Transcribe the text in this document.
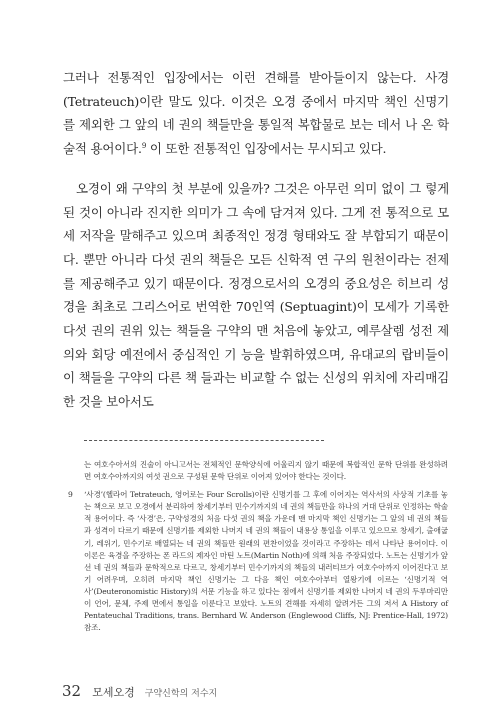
그러나 전통적인 입장에서는 이런 견해를 받아들이지 않는다. 사경 (Tetrateuch)이란 말도 있다. 이것은 오경 중에서 마지막 책인 신명기 를 제외한 그 앞의 네 권의 책들만을 통일적 복합물로 보는 데서 나 온 학술적 용어이다.$^9$ 이 또한 전통적인 입장에서는 무시되고 있다.

오경이 왜 구약의 첫 부분에 있을까? 그것은 아무런 의미 없이 그 렇게 된 것이 아니라 진지한 의미가 그 속에 담겨져 있다. 그게 전 통적으로 모세 저작을 말해주고 있으며 최종적인 정경 형태와도 잘 부합되기 때문이다. 뿐만 아니라 다섯 권의 책들은 모든 신학적 연 구의 원천이라는 전제를 제공해주고 있기 때문이다. 정경으로서의 오경의 중요성은 히브리 성경을 최초로 그리스어로 번역한 70인역 (Septuagint)이 모세가 기록한 다섯 권의 권위 있는 책들을 구약의 맨 처음에 놓았고, 예루살렘 성전 제의와 회당 예전에서 중심적인 기 능을 발휘하였으며, 유대교의 랍비들이 이 책들을 구약의 다른 책 들과는 비교할 수 없는 신성의 위치에 자리매김한 것을 보아서도

는 여호수아서의 진술이 아니고서는 전체적인 문학양식에 어울리지 않기 때문에 복합적인 문학 단위를 완성하려면 여호수아까지의 여섯 권으로 구성된 문학 단위로 이어져 있어야 한다는 것이다.

9 ‘사경’(헬라어 Tetrateuch, 영어로는 Four Scrolls)이란 신명기를 그 후에 이어지는 역사서의 사상적 기초를 놓는 책으로 보고 오경에서 분리하여 창세기부터 민수기까지의 네 권의 책들만을 하나의 거대 단위로 인정하는 학술적 용어이다. 즉 ‘사경’은, 구약성경의 처음 다섯 권의 책을 가운데 맨 마지막 책인 신명기는 그 앞의 네 권의 책들과 성격이 다르기 때문에 신명기를 제외한 나머지 네 권의 책들이 내용상 통일을 이루고 있으므로 창세기, 출애굽기, 레위기, 민수기로 배열되는 네 권의 책들만 원래의 편찬이었을 것이라고 주장하는 데서 나타난 용어이다. 이 이론은 육경을 주장하는 폰 라드의 제자인 마틴 노트(Martin Noth)에 의해 처음 주장되었다. 노트는 신명기가 앞선 네 권의 책들과 문학적으로 다르고, 창세기부터 민수기까지의 책들의 내러티브가 여호수아까지 이어진다고 보기 어려우며, 오히려 마지막 책인 신명기는 그 다음 책인 여호수아부터 열왕기에 이르는 ‘신명기적 역사’(Deuteronomistic History)의 서문 기능을 하고 있다는 점에서 신명기를 제외한 나머지 네 권의 두루마리만이 언어, 문체, 주제 면에서 통일을 이룬다고 보았다. 노트의 견해를 자세히 알려거든 그의 저서 A History of Pentateuchal Traditions, trans. Bernhard W. Anderson (Englewood Cliffs, NJ: Prentice-Hall, 1972) 참조.

32 모세오경 구약신학의 저수지
